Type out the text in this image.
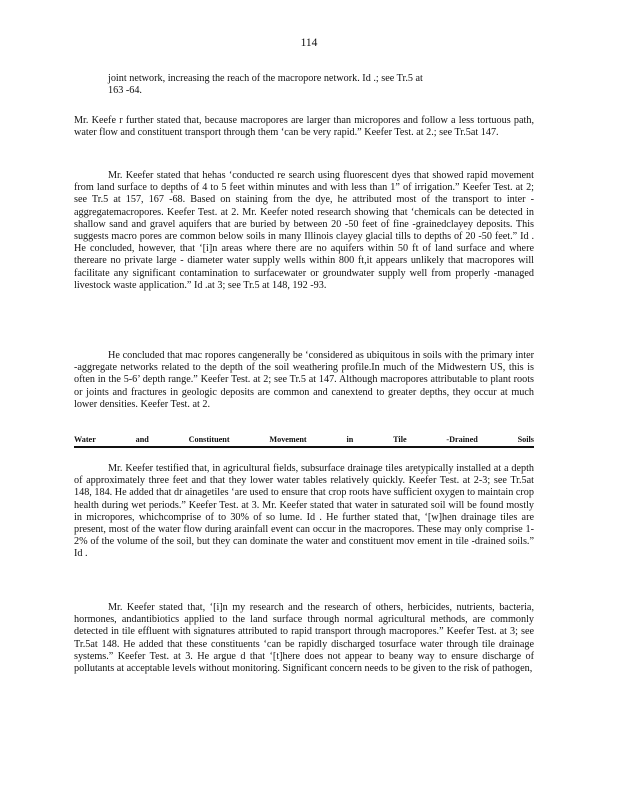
114

joint network, increasing the reach of the macropore network. Id .; see Tr.5 at
163 -64.

Mr. Keefe r further stated that, because macropores are larger than micropores and follow a less tortuous path, water flow and constituent transport through them ‘can be very rapid.” Keefer Test. at 2.; see Tr.5at 147.

Mr. Keefer stated that hehas ‘conducted re search using fluorescent dyes that showed rapid movement from land surface to depths of 4 to 5 feet within minutes and with less than 1” of irrigation.” Keefer Test. at 2; see Tr.5 at 157, 167 -68. Based on staining from the dye, he attributed most of the transport to inter - aggregatemacropores. Keefer Test. at 2. Mr. Keefer noted research showing that ‘chemicals can be detected in shallow sand and gravel aquifers that are buried by between 20 -50 feet of fine -grainedclayey deposits. This suggests macro pores are common below soils in many Illinois clayey glacial tills to depths of 20 -50 feet.” Id . He concluded, however, that ‘[i]n areas where there are no aquifers within 50 ft of land surface and where thereare no private large - diameter water supply wells within 800 ft,it appears unlikely that macropores will facilitate any significant contamination to surfacewater or groundwater supply well from properly -managed livestock waste application.” Id .at 3; see Tr.5 at 148, 192 -93.

He concluded that mac ropores cangenerally be ‘considered as ubiquitous in soils with the primary inter -aggregate networks related to the depth of the soil weathering profile.In much of the Midwestern US, this is often in the 5-6’ depth range.” Keefer Test. at 2; see Tr.5 at 147. Although macropores attributable to plant roots or joints and fractures in geologic deposits are common and canextend to greater depths, they occur at much lower densities. Keefer Test. at 2.

Water	and	Constituent	Movement	in	Tile	-Drained	Soils

Mr. Keefer testified that, in agricultural fields, subsurface drainage tiles aretypically installed at a depth of approximately three feet and that they lower water tables relatively quickly. Keefer Test. at 2-3; see Tr.5at 148, 184. He added that dr ainagetiles ‘are used to ensure that crop roots have sufficient oxygen to maintain crop health during wet periods.” Keefer Test. at 3. Mr. Keefer stated that water in saturated soil will be found mostly in micropores, whichcomprise of to 30% of so lume. Id . He further stated that, ‘[w]hen drainage tiles are present, most of the water flow during arainfall event can occur in the macropores. These may only comprise 1-2% of the volume of the soil, but they can dominate the water and constituent mov ement in tile -drained soils.” Id .

Mr. Keefer stated that, ‘[i]n my research and the research of others, herbicides, nutrients, bacteria, hormones, andantibiotics applied to the land surface through normal agricultural methods, are commonly detected in tile effluent with signatures attributed to rapid transport through macropores.” Keefer Test. at 3; see Tr.5at 148. He added that these constituents ‘can be rapidly discharged tosurface water through tile drainage systems.” Keefer Test. at 3. He argue d that ‘[t]here does not appear to beany way to ensure discharge of pollutants at acceptable levels without monitoring. Significant concern needs to be given to the risk of pathogen,
